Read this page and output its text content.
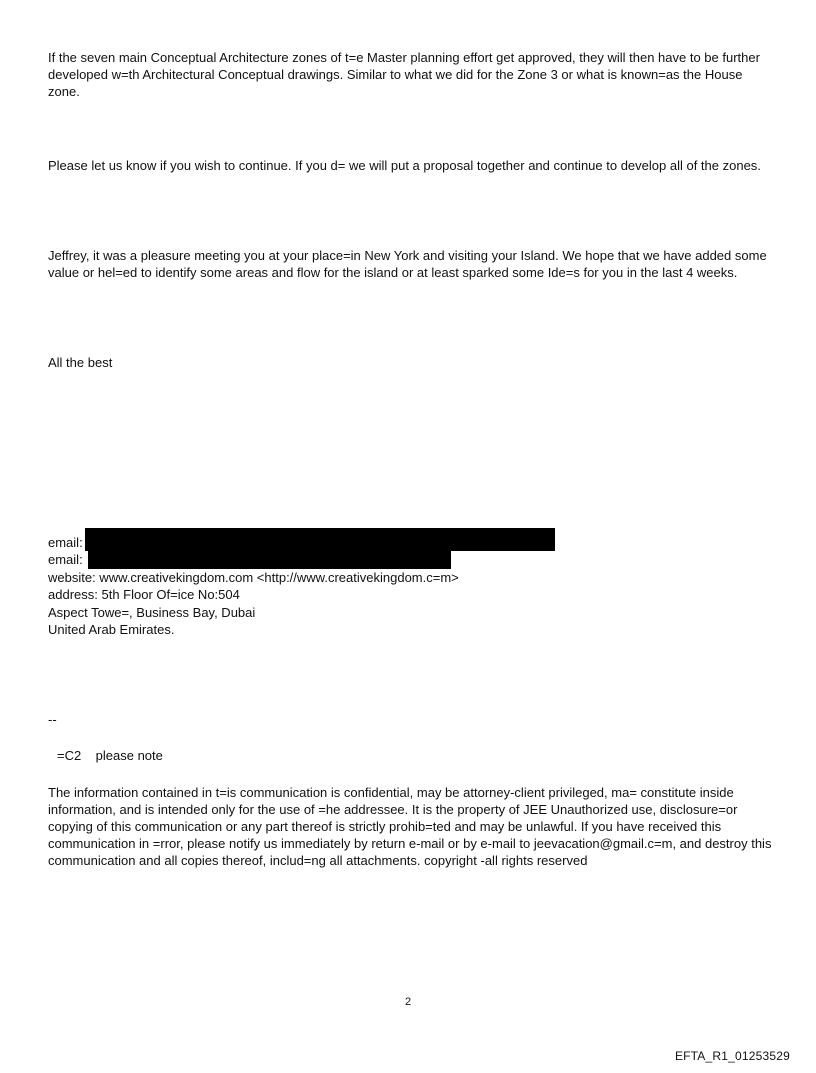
If the seven main Conceptual Architecture zones of t=e Master planning effort get approved, they will then have to be further developed w=th Architectural Conceptual drawings. Similar to what we did for the Zone 3 or what is known=as the House zone.

Please let us know if you wish to continue. If you d= we will put a proposal together and continue to develop all of the zones.

Jeffrey, it was a pleasure meeting you at your place=in New York and visiting your Island. We hope that we have added some value or hel=ed to identify some areas and flow for the island or at least sparked some Ide=s for you in the last 4 weeks.

All the best

email:
email:
website: www.creativekingdom.com <http://www.creativekingdom.c=m>
address: 5th Floor Of=ice No:504
Aspect Towe=, Business Bay, Dubai
United Arab Emirates.
--
=C2    please note

The information contained in t=is communication is confidential, may be attorney-client privileged, ma= constitute inside information, and is intended only for the use of =he addressee. It is the property of JEE Unauthorized use, disclosure=or copying of this communication or any part thereof is strictly prohib=ted and may be unlawful. If you have received this communication in =rror, please notify us immediately by return e-mail or by e-mail to jeevacation@gmail.c=m, and destroy this communication and all copies thereof, includ=ng all attachments. copyright -all rights reserved

2
EFTA_R1_01253529
